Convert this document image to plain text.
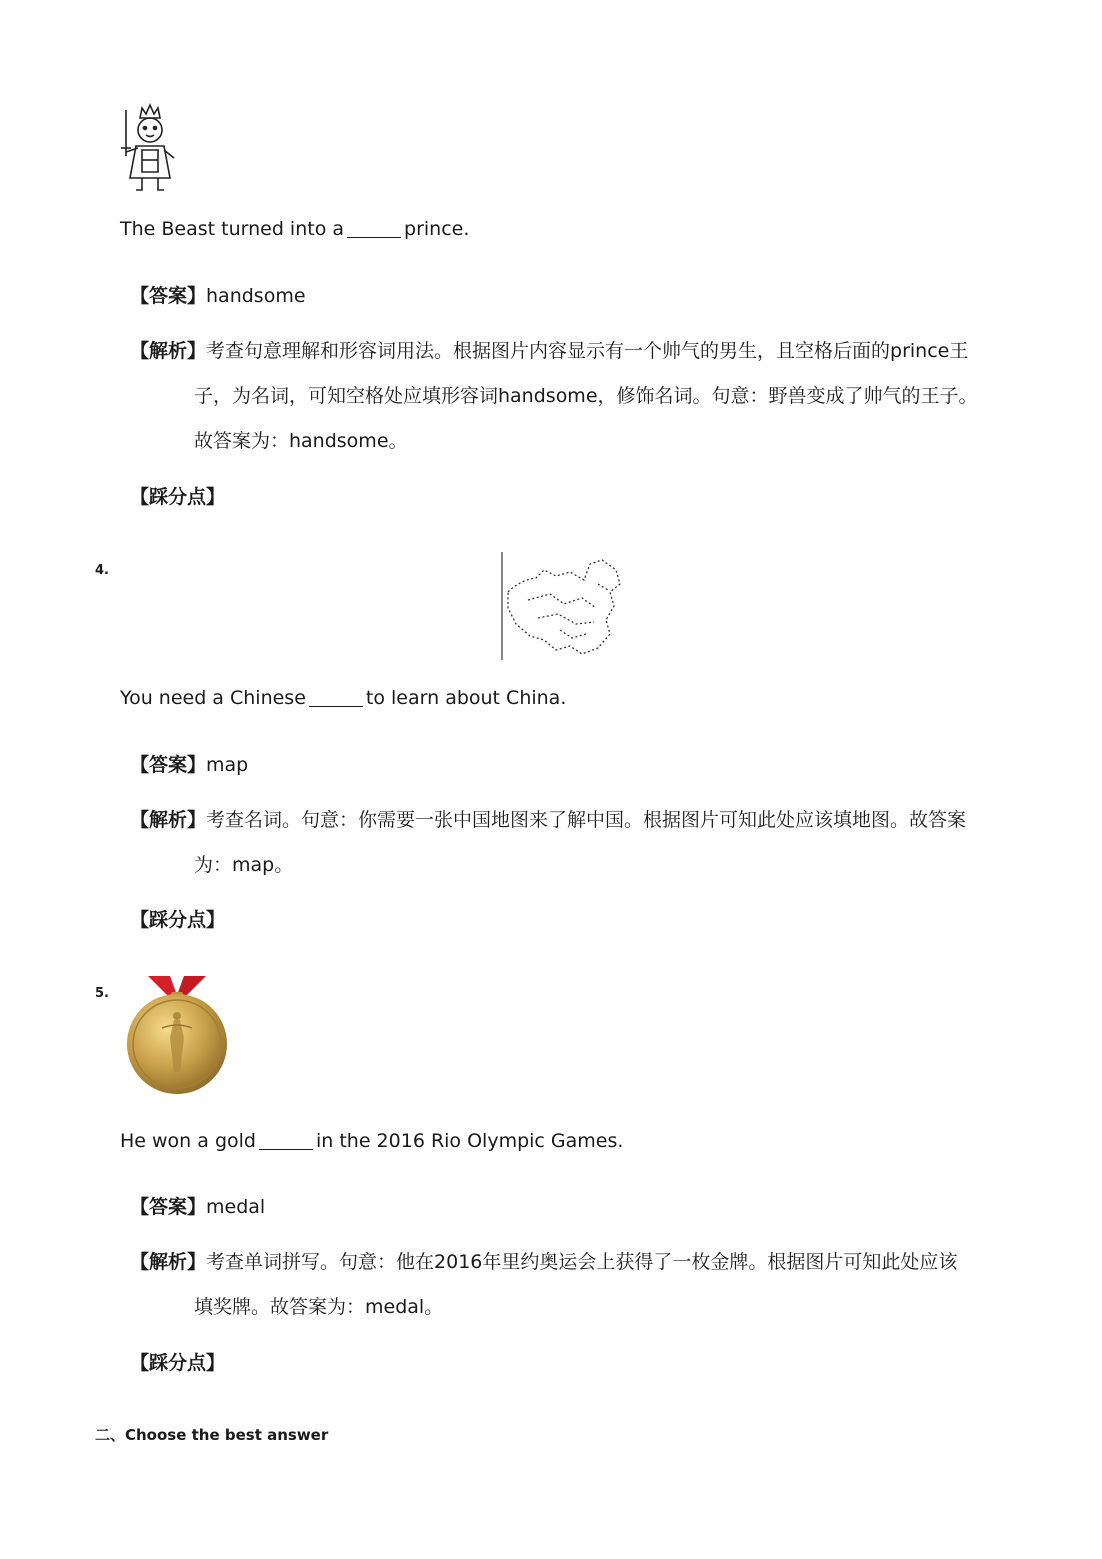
The Beast turned into a	prince.
【答案】handsome
【解析】考查句意理解和形容词用法。根据图片内容显示有一个帅气的男生，且空格后面的prince王
子，为名词，可知空格处应填形容词handsome，修饰名词。句意：野兽变成了帅气的王子。
故答案为：handsome。
【踩分点】
4.
You need a Chinese	to learn about China.
【答案】map
【解析】考查名词。句意：你需要一张中国地图来了解中国。根据图片可知此处应该填地图。故答案
为：map。
【踩分点】
5.
He won a gold	in the 2016 Rio Olympic Games.
【答案】medal
【解析】考查单词拼写。句意：他在2016年里约奥运会上获得了一枚金牌。根据图片可知此处应该
填奖牌。故答案为：medal。
【踩分点】
二、Choose the best answer
